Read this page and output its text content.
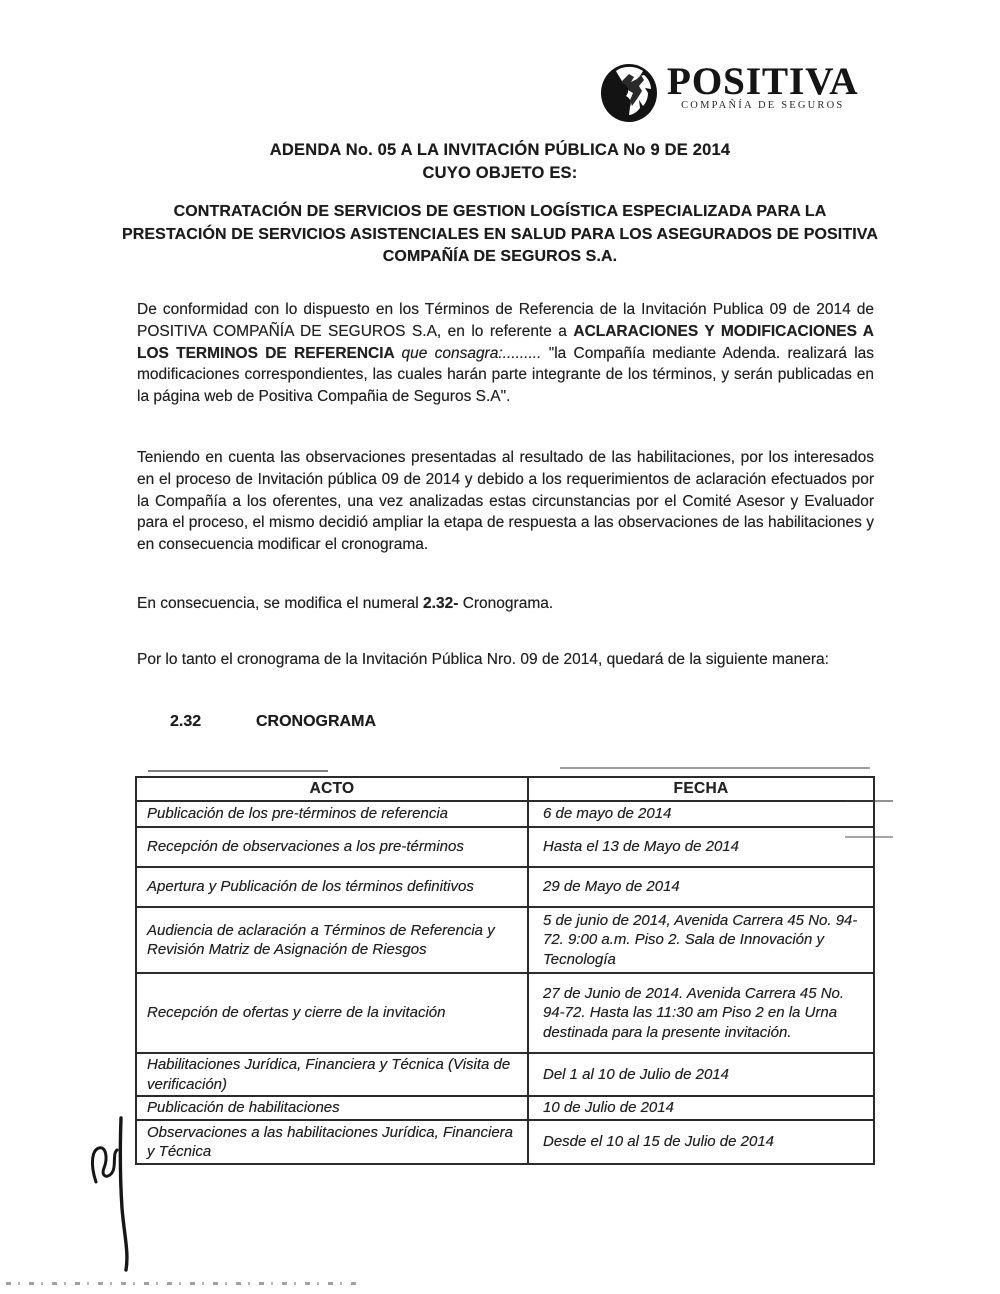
POSITIVA
COMPAÑÍA DE SEGUROS
ADENDA No. 05 A LA INVITACIÓN PÚBLICA No 9 DE 2014
CUYO OBJETO ES:
CONTRATACIÓN DE SERVICIOS DE GESTION LOGÍSTICA ESPECIALIZADA PARA LA PRESTACIÓN DE SERVICIOS ASISTENCIALES EN SALUD PARA LOS ASEGURADOS DE POSITIVA COMPAÑÍA DE SEGUROS S.A.

De conformidad con lo dispuesto en los Términos de Referencia de la Invitación Publica 09 de 2014 de POSITIVA COMPAÑÍA DE SEGUROS S.A, en lo referente a ACLARACIONES Y MODIFICACIONES A LOS TERMINOS DE REFERENCIA que consagra:......... "la Compañía mediante Adenda. realizará las modificaciones correspondientes, las cuales harán parte integrante de los términos, y serán publicadas en la página web de Positiva Compañia de Seguros S.A".

Teniendo en cuenta las observaciones presentadas al resultado de las habilitaciones, por los interesados en el proceso de Invitación pública 09 de 2014 y debido a los requerimientos de aclaración efectuados por la Compañía a los oferentes, una vez analizadas estas circunstancias por el Comité Asesor y Evaluador para el proceso, el mismo decidió ampliar la etapa de respuesta a las observaciones de las habilitaciones y en consecuencia modificar el cronograma.

En consecuencia, se modifica el numeral 2.32- Cronograma.

Por lo tanto el cronograma de la Invitación Pública Nro. 09 de 2014, quedará de la siguiente manera:

2.32	CRONOGRAMA
ACTO	FECHA
Publicación de los pre-términos de referencia	6 de mayo de 2014
Recepción de observaciones a los pre-términos	Hasta el 13 de Mayo de 2014
Apertura y Publicación de los términos definitivos	29 de Mayo de 2014
Audiencia de aclaración a Términos de Referencia y Revisión Matriz de Asignación de Riesgos	5 de junio de 2014, Avenida Carrera 45 No. 94-72. 9:00 a.m. Piso 2. Sala de Innovación y Tecnología
Recepción de ofertas y cierre de la invitación	27 de Junio de 2014. Avenida Carrera 45 No. 94-72. Hasta las 11:30 am Piso 2 en la Urna destinada para la presente invitación.
Habilitaciones Jurídica, Financiera y Técnica (Visita de verificación)	Del 1 al 10 de Julio de 2014
Publicación de habilitaciones	10 de Julio de 2014
Observaciones a las habilitaciones Jurídica, Financiera y Técnica	Desde el 10 al 15 de Julio de 2014
